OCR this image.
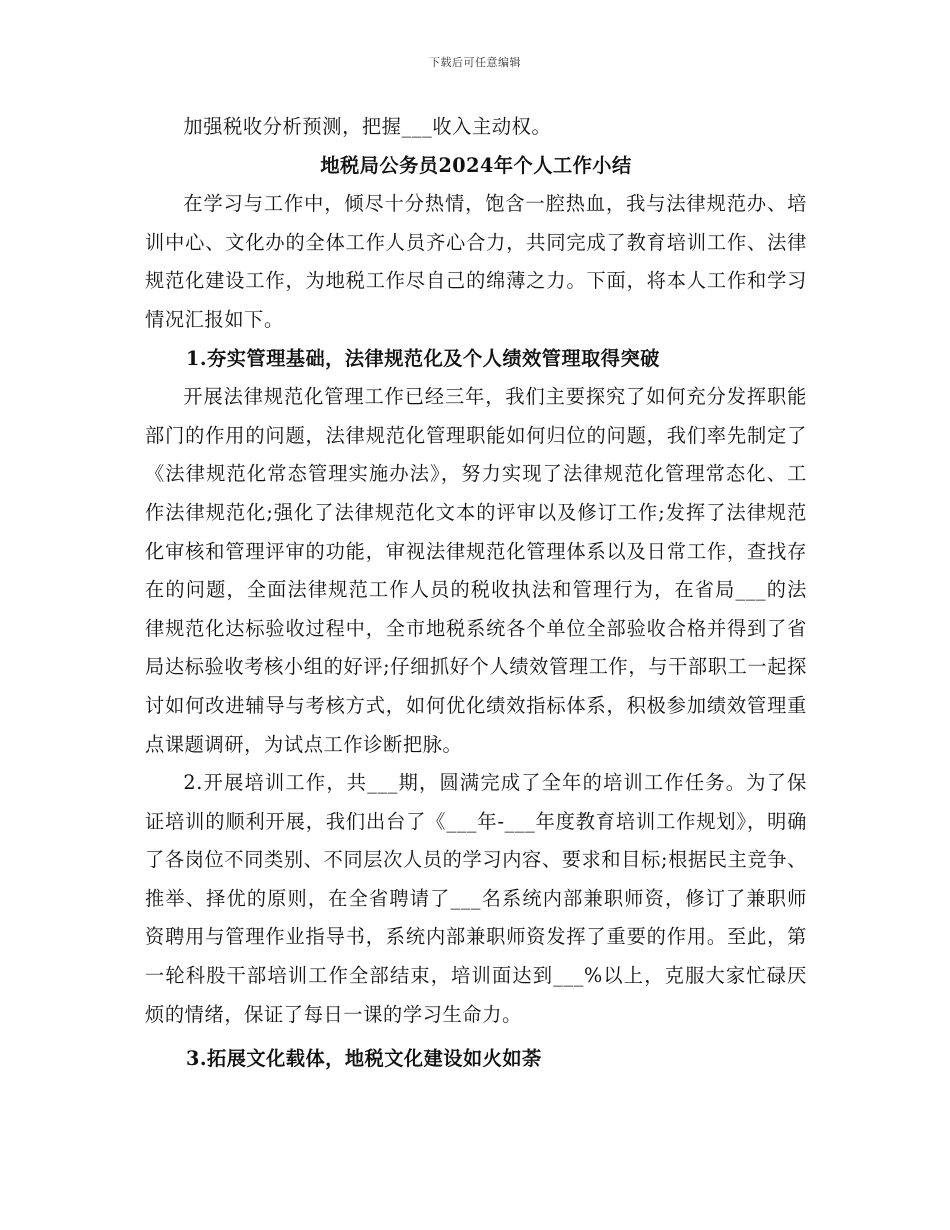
下载后可任意编辑

加强税收分析预测，把握___收入主动权。

地税局公务员2024年个人工作小结

在学习与工作中，倾尽十分热情，饱含一腔热血，我与法律规范办、培训中心、文化办的全体工作人员齐心合力，共同完成了教育培训工作、法律规范化建设工作，为地税工作尽自己的绵薄之力。下面，将本人工作和学习情况汇报如下。

1.夯实管理基础，法律规范化及个人绩效管理取得突破

开展法律规范化管理工作已经三年，我们主要探究了如何充分发挥职能部门的作用的问题，法律规范化管理职能如何归位的问题，我们率先制定了《法律规范化常态管理实施办法》，努力实现了法律规范化管理常态化、工作法律规范化;强化了法律规范化文本的评审以及修订工作;发挥了法律规范化审核和管理评审的功能，审视法律规范化管理体系以及日常工作，查找存在的问题，全面法律规范工作人员的税收执法和管理行为，在省局___的法律规范化达标验收过程中，全市地税系统各个单位全部验收合格并得到了省局达标验收考核小组的好评;仔细抓好个人绩效管理工作，与干部职工一起探讨如何改进辅导与考核方式，如何优化绩效指标体系，积极参加绩效管理重点课题调研，为试点工作诊断把脉。

2.开展培训工作，共___期，圆满完成了全年的培训工作任务。为了保证培训的顺利开展，我们出台了《___年-___年度教育培训工作规划》，明确了各岗位不同类别、不同层次人员的学习内容、要求和目标;根据民主竞争、推举、择优的原则，在全省聘请了___名系统内部兼职师资，修订了兼职师资聘用与管理作业指导书，系统内部兼职师资发挥了重要的作用。至此，第一轮科股干部培训工作全部结束，培训面达到___%以上，克服大家忙碌厌烦的情绪，保证了每日一课的学习生命力。

3.拓展文化载体，地税文化建设如火如荼
